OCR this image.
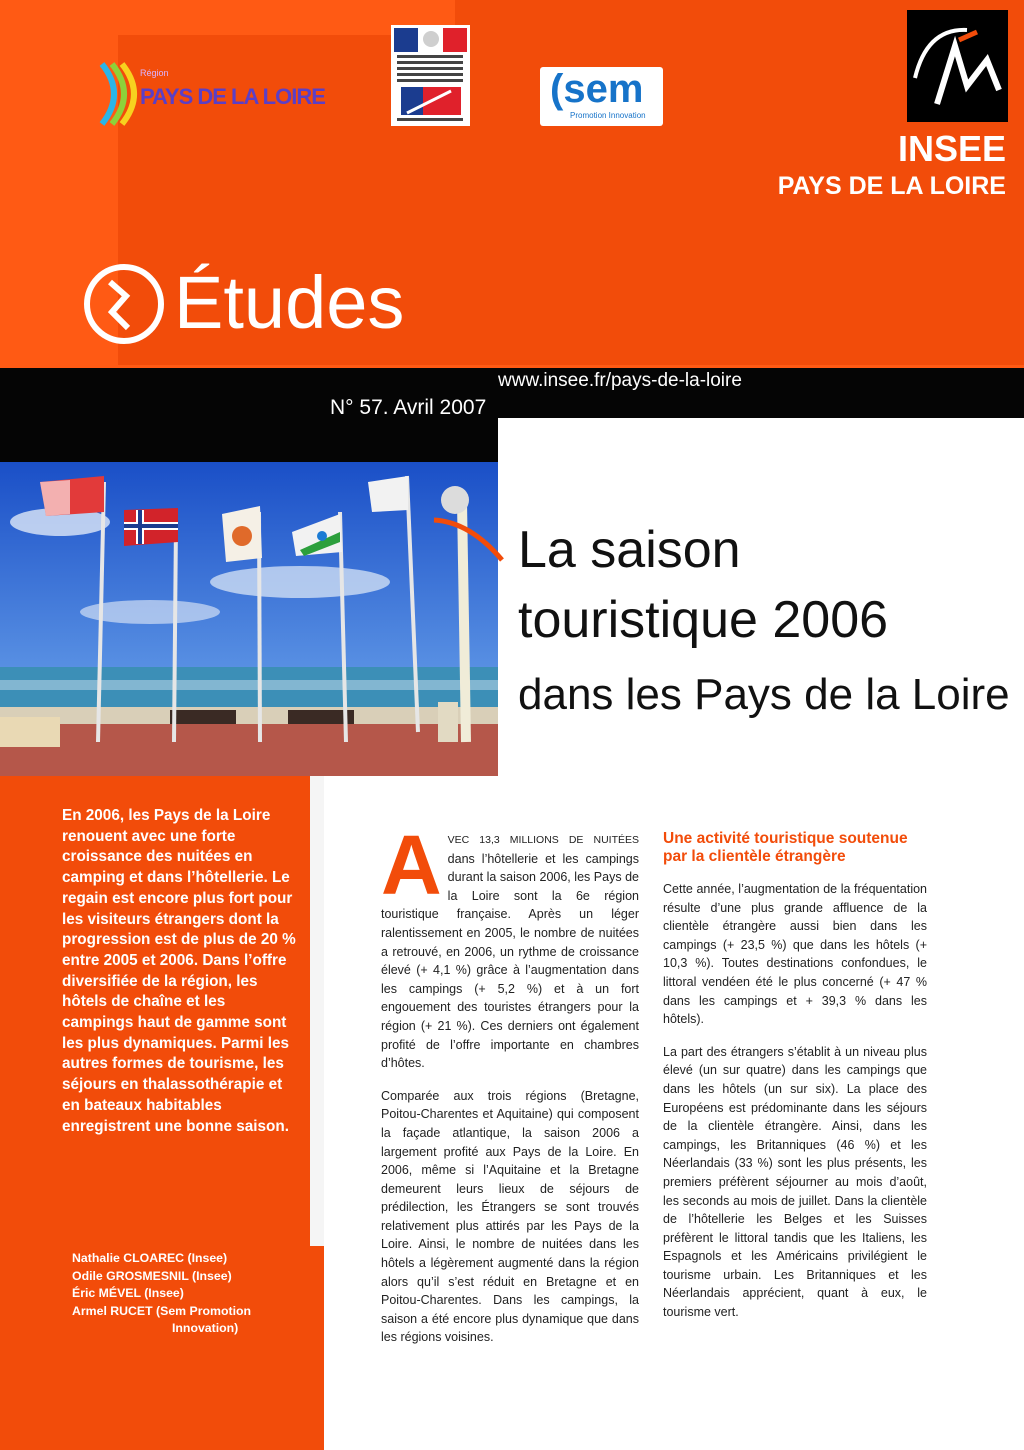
Région
PAYS DE LA LOIRE	(sem
Promotion Innovation
INSEE
PAYS DE LA LOIRE
Études
N° 57. Avril 2007
www.insee.fr/pays-de-la-loire
La saison
touristique 2006
dans les Pays de la Loire
En 2006, les Pays de la Loire renouent avec une forte croissance des nuitées en camping et dans l’hôtellerie. Le regain est encore plus fort pour les visiteurs étrangers dont la progression est de plus de 20 % entre 2005 et 2006. Dans l’offre diversifiée de la région, les hôtels de chaîne et les campings haut de gamme sont les plus dynamiques. Parmi les autres formes de tourisme, les séjours en thalassothérapie et en bateaux habitables enregistrent une bonne saison.
Nathalie CLOAREC (Insee)
Odile GROSMESNIL (Insee)
Éric MÉVEL (Insee)
Armel RUCET (Sem Promotion
Innovation)
AVEC 13,3 MILLIONS DE NUITÉES dans l’hôtellerie et les campings durant la saison 2006, les Pays de la Loire sont la 6e région touristique française. Après un léger ralentissement en 2005, le nombre de nuitées a retrouvé, en 2006, un rythme de croissance élevé (+ 4,1 %) grâce à l’augmentation dans les campings (+ 5,2 %) et à un fort engouement des touristes étrangers pour la région (+ 21 %). Ces derniers ont également profité de l’offre importante en chambres d’hôtes.
Comparée aux trois régions (Bretagne, Poitou-Charentes et Aquitaine) qui composent la façade atlantique, la saison 2006 a largement profité aux Pays de la Loire. En 2006, même si l’Aquitaine et la Bretagne demeurent leurs lieux de séjours de prédilection, les Étrangers se sont trouvés relativement plus attirés par les Pays de la Loire. Ainsi, le nombre de nuitées dans les hôtels a légèrement augmenté dans la région alors qu’il s’est réduit en Bretagne et en Poitou-Charentes. Dans les campings, la saison a été encore plus dynamique que dans les régions voisines.
Une activité touristique soutenue par la clientèle étrangère
Cette année, l’augmentation de la fréquentation résulte d’une plus grande affluence de la clientèle étrangère aussi bien dans les campings (+ 23,5 %) que dans les hôtels (+ 10,3 %). Toutes destinations confondues, le littoral vendéen été le plus concerné (+ 47 % dans les campings et + 39,3 % dans les hôtels).
La part des étrangers s’établit à un niveau plus élevé (un sur quatre) dans les campings que dans les hôtels (un sur six). La place des Européens est prédominante dans les séjours de la clientèle étrangère. Ainsi, dans les campings, les Britanniques (46 %) et les Néerlandais (33 %) sont les plus présents, les premiers préfèrent séjourner au mois d’août, les seconds au mois de juillet. Dans la clientèle de l’hôtellerie les Belges et les Suisses préfèrent le littoral tandis que les Italiens, les Espagnols et les Américains privilégient le tourisme urbain. Les Britanniques et les Néerlandais apprécient, quant à eux, le tourisme vert.
